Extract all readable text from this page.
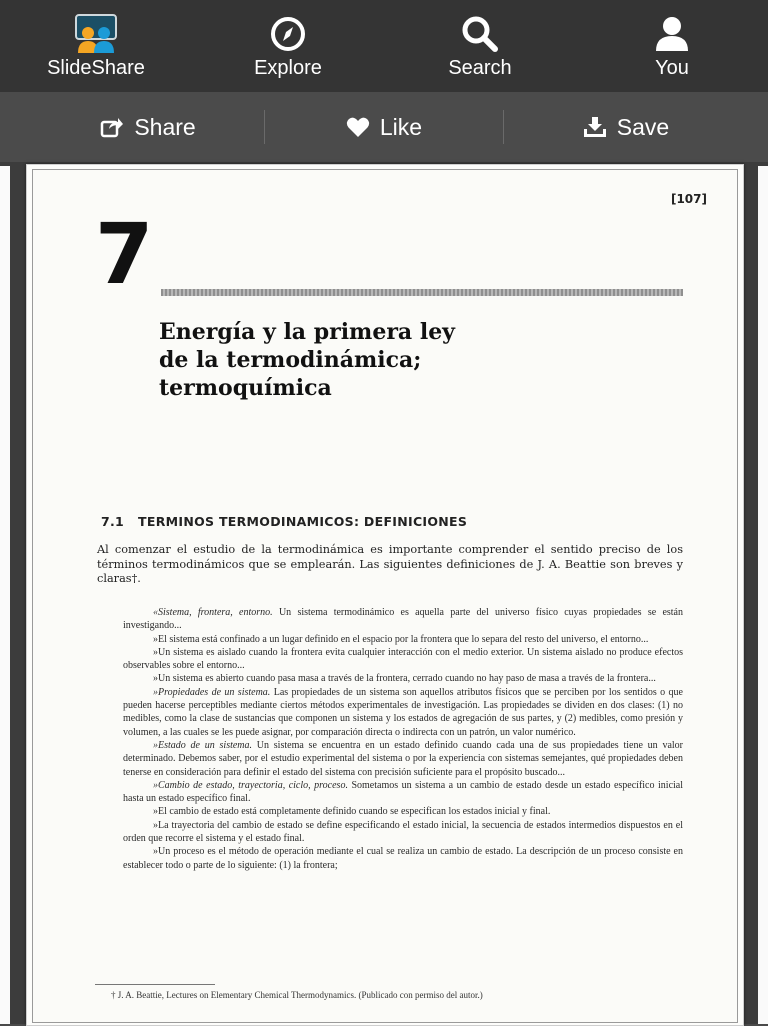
SlideShare	Explore	Search	You
Share	Like	Save
[107]
7
Energía y la primera ley
de la termodinámica;
termoquímica
7.1 TERMINOS TERMODINAMICOS: DEFINICIONES
Al comenzar el estudio de la termodinámica es importante comprender el sentido preciso de los términos termodinámicos que se emplearán. Las siguientes definiciones de J. A. Beattie son breves y claras†.

«Sistema, frontera, entorno. Un sistema termodinámico es aquella parte del universo físico cuyas propiedades se están investigando...

»El sistema está confinado a un lugar definido en el espacio por la frontera que lo separa del resto del universo, el entorno...

»Un sistema es aislado cuando la frontera evita cualquier interacción con el medio exterior. Un sistema aislado no produce efectos observables sobre el entorno...

»Un sistema es abierto cuando pasa masa a través de la frontera, cerrado cuando no hay paso de masa a través de la frontera...

»Propiedades de un sistema. Las propiedades de un sistema son aquellos atributos físicos que se perciben por los sentidos o que pueden hacerse perceptibles mediante ciertos métodos experimentales de investigación. Las propiedades se dividen en dos clases: (1) no medibles, como la clase de sustancias que componen un sistema y los estados de agregación de sus partes, y (2) medibles, como presión y volumen, a las cuales se les puede asignar, por comparación directa o indirecta con un patrón, un valor numérico.

»Estado de un sistema. Un sistema se encuentra en un estado definido cuando cada una de sus propiedades tiene un valor determinado. Debemos saber, por el estudio experimental del sistema o por la experiencia con sistemas semejantes, qué propiedades deben tenerse en consideración para definir el estado del sistema con precisión suficiente para el propósito buscado...

»Cambio de estado, trayectoria, ciclo, proceso. Sometamos un sistema a un cambio de estado desde un estado específico inicial hasta un estado específico final.

»El cambio de estado está completamente definido cuando se especifican los estados inicial y final.

»La trayectoria del cambio de estado se define especificando el estado inicial, la secuencia de estados intermedios dispuestos en el orden que recorre el sistema y el estado final.

»Un proceso es el método de operación mediante el cual se realiza un cambio de estado. La descripción de un proceso consiste en establecer todo o parte de lo siguiente: (1) la frontera;

† J. A. Beattie, Lectures on Elementary Chemical Thermodynamics. (Publicado con permiso del autor.)
